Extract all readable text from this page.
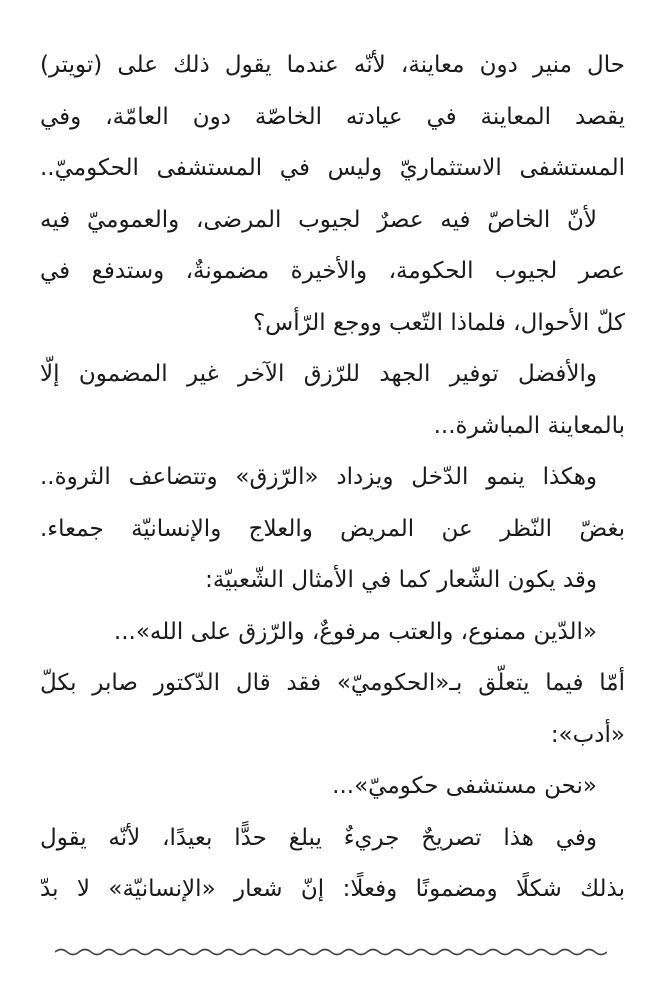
حال منير دون معاينة، لأنّه عندما يقول ذلك على (تويتر)
يقصد المعاينة في عيادته الخاصّة دون العامّة، وفي
المستشفى الاستثماريّ وليس في المستشفى الحكوميّ..
لأنّ الخاصّ فيه عصرٌ لجيوب المرضى، والعموميّ فيه
عصر لجيوب الحكومة، والأخيرة مضمونةٌ، وستدفع في
كلّ الأحوال، فلماذا التّعب ووجع الرّأس؟
والأفضل توفير الجهد للرّزق الآخر غير المضمون إلّا
بالمعاينة المباشرة...
وهكذا ينمو الدّخل ويزداد «الرّزق» وتتضاعف الثروة..
بغضّ النّظر عن المريض والعلاج والإنسانيّة جمعاء.
وقد يكون الشّعار كما في الأمثال الشّعبيّة:
«الدّين ممنوع، والعتب مرفوعٌ، والرّزق على الله»...
أمّا فيما يتعلّق بـ«الحكوميّ» فقد قال الدّكتور صابر بكلّ
«أدب»:
«نحن مستشفى حكوميّ»...
وفي هذا تصريحٌ جريءٌ يبلغ حدًّا بعيدًا، لأنّه يقول
بذلك شكلًا ومضمونًا وفعلًا: إنّ شعار «الإنسانيّة» لا بدّ
